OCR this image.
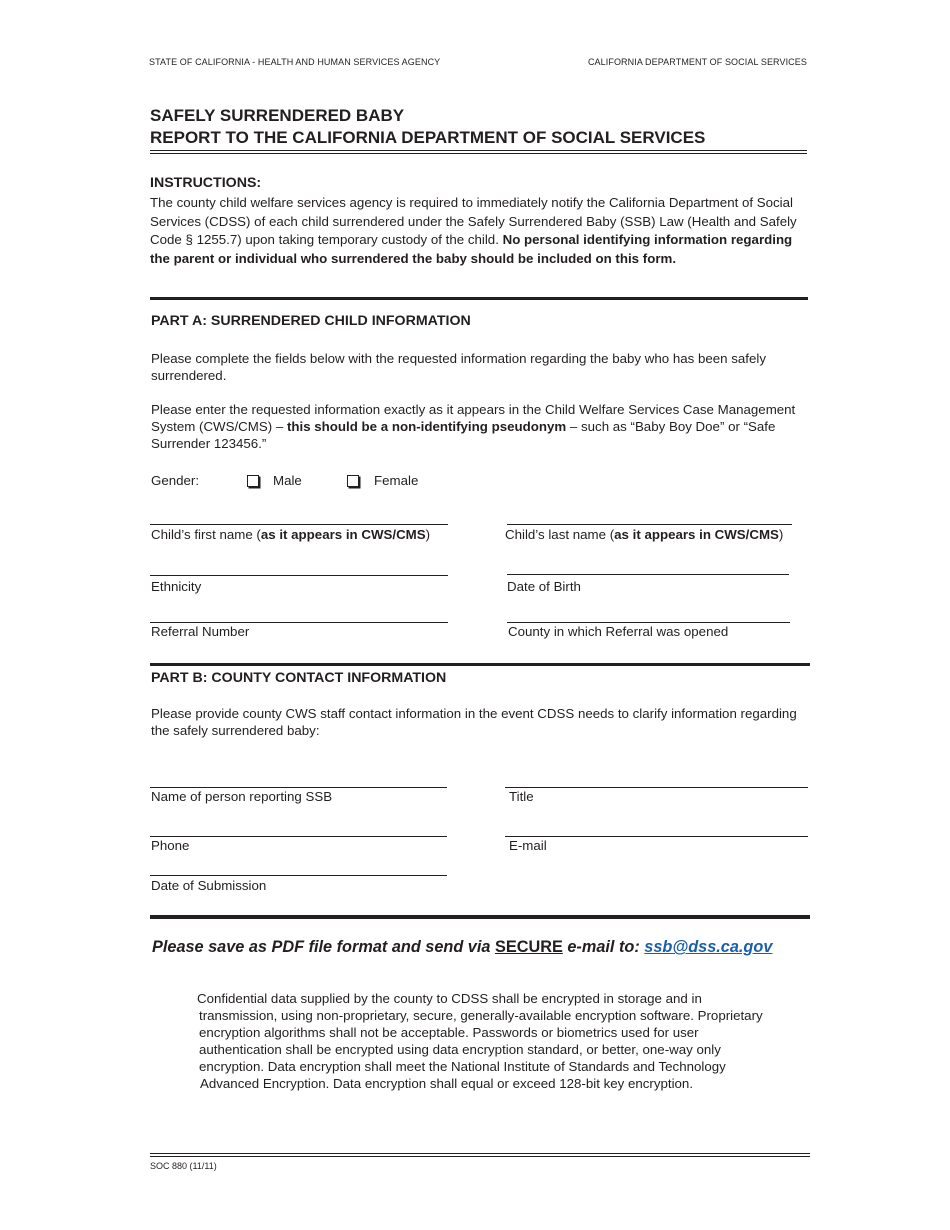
STATE OF CALIFORNIA - HEALTH AND HUMAN SERVICES AGENCY	CALIFORNIA DEPARTMENT OF SOCIAL SERVICES
SAFELY SURRENDERED BABY
REPORT TO THE CALIFORNIA DEPARTMENT OF SOCIAL SERVICES
INSTRUCTIONS:
The county child welfare services agency is required to immediately notify the California Department of Social Services (CDSS) of each child surrendered under the Safely Surrendered Baby (SSB) Law (Health and Safely Code § 1255.7) upon taking temporary custody of the child. No personal identifying information regarding the parent or individual who surrendered the baby should be included on this form.
PART A: SURRENDERED CHILD INFORMATION
Please complete the fields below with the requested information regarding the baby who has been safely surrendered.
Please enter the requested information exactly as it appears in the Child Welfare Services Case Management System (CWS/CMS) – this should be a non-identifying pseudonym – such as “Baby Boy Doe” or “Safe Surrender 123456.”
Gender:	Male	Female
Child’s first name (as it appears in CWS/CMS)	Child’s last name (as it appears in CWS/CMS)
Ethnicity	Date of Birth
Referral Number	County in which Referral was opened
PART B: COUNTY CONTACT INFORMATION
Please provide county CWS staff contact information in the event CDSS needs to clarify information regarding the safely surrendered baby:
Name of person reporting SSB	Title
Phone	E-mail
Date of Submission
Please save as PDF file format and send via SECURE e-mail to: ssb@dss.ca.gov
Confidential data supplied by the county to CDSS shall be encrypted in storage and in
transmission, using non-proprietary, secure, generally-available encryption software. Proprietary
encryption algorithms shall not be acceptable. Passwords or biometrics used for user
authentication shall be encrypted using data encryption standard, or better, one-way only
encryption. Data encryption shall meet the National Institute of Standards and Technology
Advanced Encryption. Data encryption shall equal or exceed 128-bit key encryption.
SOC 880 (11/11)
